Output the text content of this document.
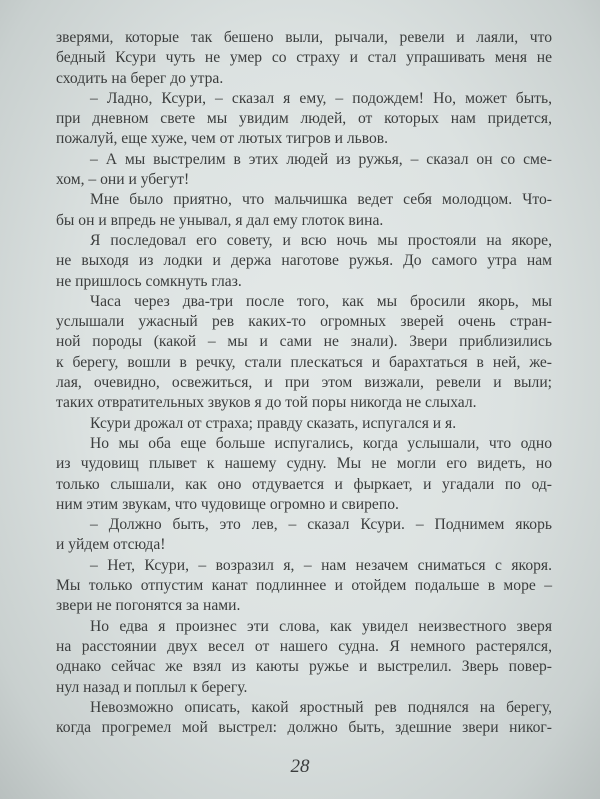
зверями, которые так бешено выли, рычали, ревели и лаяли, что
бедный Ксури чуть не умер со страху и стал упрашивать меня не
сходить на берег до утра.
– Ладно, Ксури, – сказал я ему, – подождем! Но, может быть,
при дневном свете мы увидим людей, от которых нам придется,
пожалуй, еще хуже, чем от лютых тигров и львов.
– А мы выстрелим в этих людей из ружья, – сказал он со сме-
хом, – они и убегут!
Мне было приятно, что мальчишка ведет себя молодцом. Что-
бы он и впредь не унывал, я дал ему глоток вина.
Я последовал его совету, и всю ночь мы простояли на якоре,
не выходя из лодки и держа наготове ружья. До самого утра нам
не пришлось сомкнуть глаз.
Часа через два-три после того, как мы бросили якорь, мы
услышали ужасный рев каких-то огромных зверей очень стран-
ной породы (какой – мы и сами не знали). Звери приблизились
к берегу, вошли в речку, стали плескаться и барахтаться в ней, же-
лая, очевидно, освежиться, и при этом визжали, ревели и выли;
таких отвратительных звуков я до той поры никогда не слыхал.
Ксури дрожал от страха; правду сказать, испугался и я.
Но мы оба еще больше испугались, когда услышали, что одно
из чудовищ плывет к нашему судну. Мы не могли его видеть, но
только слышали, как оно отдувается и фыркает, и угадали по од-
ним этим звукам, что чудовище огромно и свирепо.
– Должно быть, это лев, – сказал Ксури. – Поднимем якорь
и уйдем отсюда!
– Нет, Ксури, – возразил я, – нам незачем сниматься с якоря.
Мы только отпустим канат подлиннее и отойдем подальше в море –
звери не погонятся за нами.
Но едва я произнес эти слова, как увидел неизвестного зверя
на расстоянии двух весел от нашего судна. Я немного растерялся,
однако сейчас же взял из каюты ружье и выстрелил. Зверь повер-
нул назад и поплыл к берегу.
Невозможно описать, какой яростный рев поднялся на берегу,
когда прогремел мой выстрел: должно быть, здешние звери никог-
28
